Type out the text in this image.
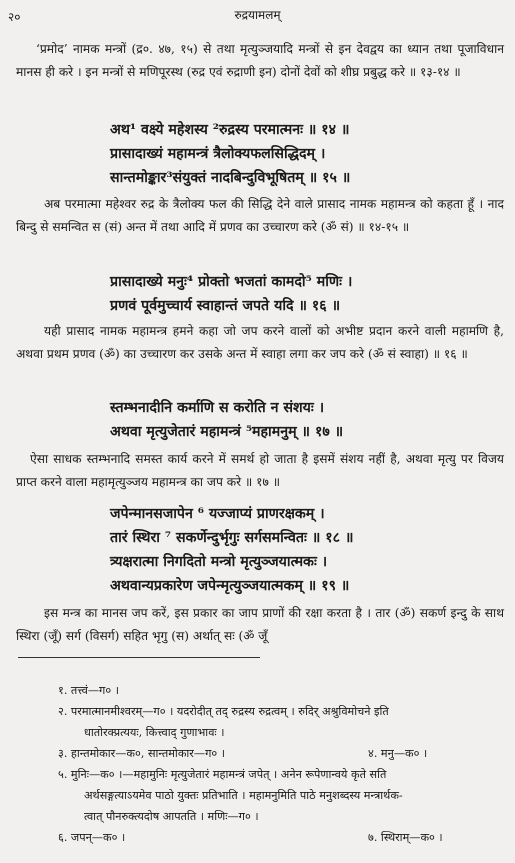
२०	रुद्रयामलम्
‘प्रमोद’ नामक मन्त्रों (द्र०. ४७, १५) से तथा मृत्युञ्जयादि मन्त्रों से इन देवद्वय का ध्यान तथा पूजाविधान मानस ही करे । इन मन्त्रों से मणिपूरस्थ (रुद्र एवं रुद्राणी इन) दोनों देवों को शीघ्र प्रबुद्ध करे ॥ १३-१४ ॥
अथ¹ वक्ष्ये महेशस्य ²रुद्रस्य परमात्मनः ॥ १४ ॥
प्रासादाख्यं महामन्त्रं त्रैलोक्यफलसिद्धिदम् ।
सान्तमोङ्कार³संयुक्तं नादबिन्दुविभूषितम् ॥ १५ ॥
अब परमात्मा महेश्वर रुद्र के त्रैलोक्य फल की सिद्धि देने वाले प्रासाद नामक महामन्त्र को कहता हूँ । नाद बिन्दु से समन्वित स (सं) अन्त में तथा आदि में प्रणव का उच्चारण करे (ॐ सं) ॥ १४-१५ ॥
प्रासादाख्ये मनुः⁴ प्रोक्तो भजतां कामदो⁵ मणिः ।
प्रणवं पूर्वमुच्चार्य स्वाहान्तं जपते यदि ॥ १६ ॥
यही प्रासाद नामक महामन्त्र हमने कहा जो जप करने वालों को अभीष्ट प्रदान करने वाली महामणि है, अथवा प्रथम प्रणव (ॐ) का उच्चारण कर उसके अन्त में स्वाहा लगा कर जप करे (ॐ सं स्वाहा) ॥ १६ ॥
स्तम्भनादीनि कर्माणि स करोति न संशयः ।
अथवा मृत्युजेतारं महामन्त्रं ⁵महामनुम् ॥ १७ ॥
ऐसा साधक स्तम्भनादि समस्त कार्य करने में समर्थ हो जाता है इसमें संशय नहीं है, अथवा मृत्यु पर विजय प्राप्त करने वाला महामृत्युञ्जय महामन्त्र का जप करे ॥ १७ ॥
जपेन्मानसजापेन ⁶ यज्जाप्यं प्राणरक्षकम् ।
तारं स्थिरा ⁷ सकर्णेन्दुर्भृगुः सर्गसमन्वितः ॥ १८ ॥
त्र्यक्षरात्मा निगदितो मन्त्रो मृत्युञ्जयात्मकः ।
अथवान्यप्रकारेण जपेन्मृत्युञ्जयात्मकम् ॥ १९ ॥
इस मन्त्र का मानस जप करें, इस प्रकार का जाप प्राणों की रक्षा करता है । तार (ॐ) सकर्ण इन्दु के साथ स्थिरा (जूँ) सर्ग (विसर्ग) सहित भृगु (स) अर्थात् सः (ॐ जूँ
१. तत्त्वं—ग० ।
२. परमात्मानमीश्वरम्—ग० । यदरोदीत् तद् रुद्रस्य रुद्रत्वम् । रुदिर् अश्रुविमोचने इति
धातोरक्प्रत्ययः, कित्त्वाद् गुणाभावः ।
३. हान्तमोकार—क०, सान्तमोकार—ग० ।	४. मनु—क० ।
५. मुनिः—क० ।—महामुनिः मृत्युजेतारं महामन्त्रं जपेत् । अनेन रूपेणान्वये कृते सति
अर्थसङ्गत्याऽयमेव पाठो युक्तः प्रतिभाति । महामनुमिति पाठे मनुशब्दस्य मन्त्रार्थक-
त्वात् पौनरुक्त्यदोष आपतति । मणिः—ग० ।
६. जपन्—क० ।	७. स्थिराम्—क० ।
